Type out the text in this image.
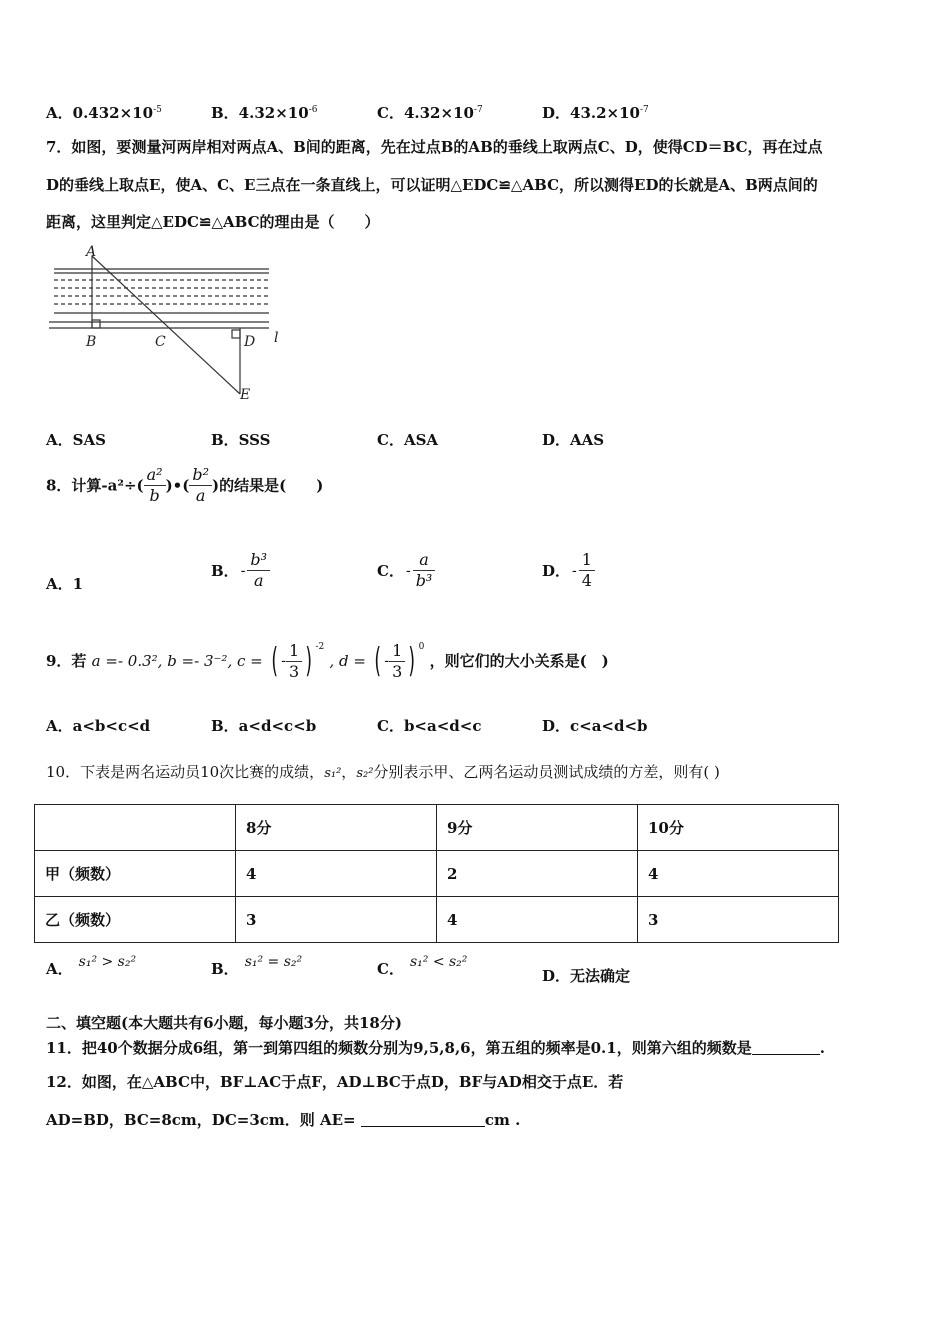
A．$0.432\times 10^{-5}$	B．$4.32\times 10^{-6}$	C．$4.32\times 10^{-7}$	D．$43.2\times 10^{-7}$
7．如图，要测量河两岸相对两点A、B间的距离，先在过点B的AB的垂线上取两点C、D，使得CD＝BC，再在过点
D的垂线上取点E，使A、C、E三点在一条直线上，可以证明△EDC≌△ABC，所以测得ED的长就是A、B两点间的
距离，这里判定△EDC≌△ABC的理由是（　　）
A
B	C	D
E
l
A．SAS	B．SSS	C．ASA	D．AAS
8．计算$-a^2\div( \frac{\text{a²}}{b}$ )•( $\frac{\text{b²}}{a}$ )的结果是(　　)
A．1
B． - $\frac{\text{b³}}{a}$	C． - $\frac{a}{\text{b³}}$	D． - $\frac{1}{4}$
9．若 a =- 0.3², b =- 3⁻², c = ( - $\frac{1}{3}$ ) $^{-2}$ , d = ( - $\frac{1}{3}$ ) $^0$ ，则它们的大小关系是(　)
A．a<b<c<d	B．a<d<c<b	C．b<a<d<c	D．c<a<d<b
10．下表是两名运动员10次比赛的成绩，s₁²，s₂²分别表示甲、乙两名运动员测试成绩的方差，则有( )
	8分	9分	10分
甲（频数）	4	2	4
乙（频数）	3	4	3
A． s₁² > s₂²	B． s₁² = s₂²	C． s₁² < s₂²
D．无法确定
二、填空题(本大题共有6小题，每小题3分，共18分)
11．把40个数据分成6组，第一到第四组的频数分别为9,5,8,6，第五组的频率是0.1，则第六组的频数是	.
12．如图，在△ABC中，BF⊥AC于点F，AD⊥BC于点D，BF与AD相交于点E．若
AD=BD，BC=8cm，DC=3cm．则 AE=	cm .
